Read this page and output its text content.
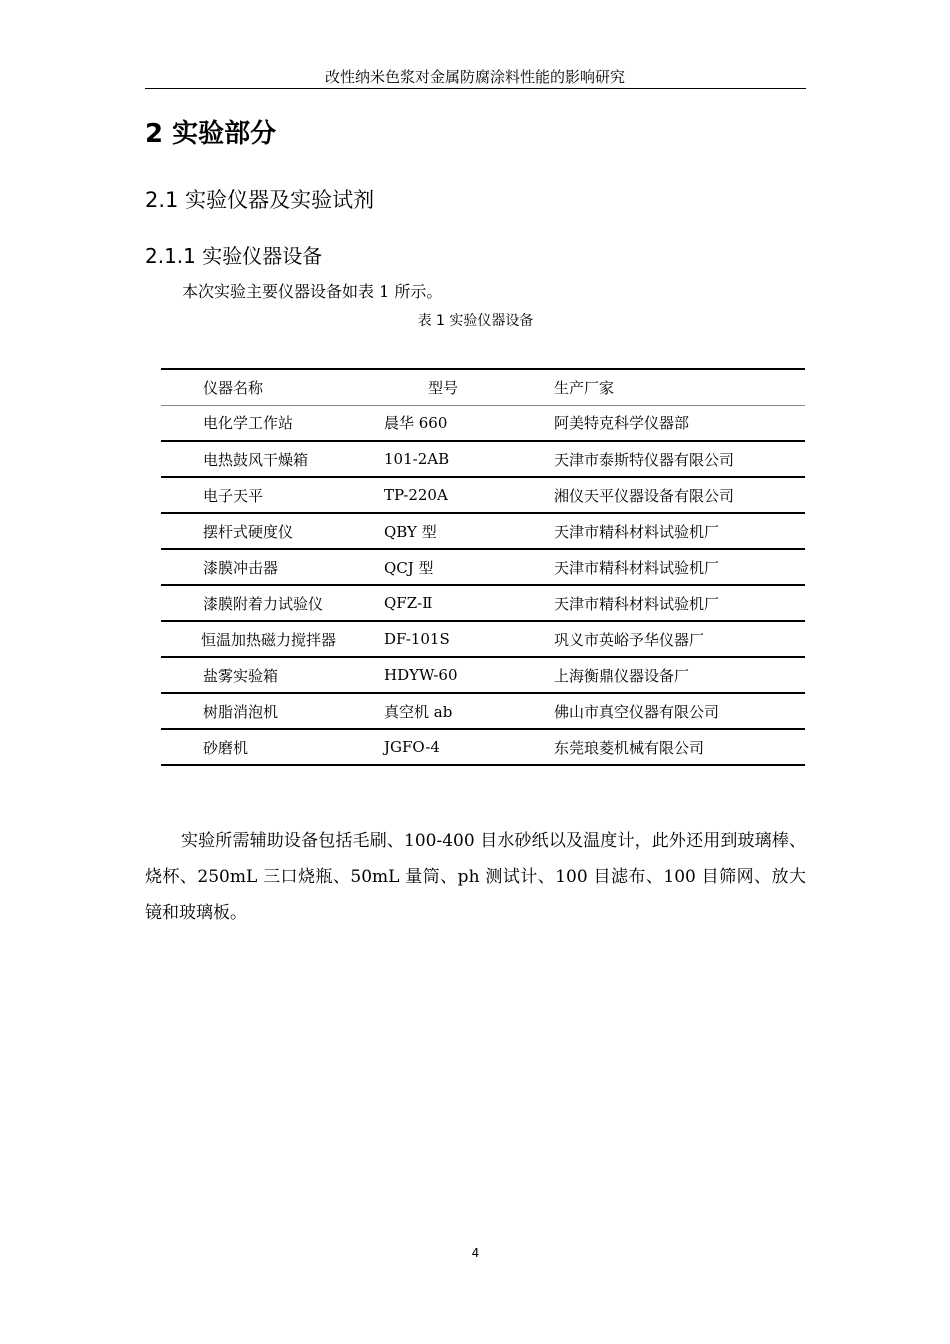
改性纳米色浆对金属防腐涂料性能的影响研究
2 实验部分
2.1 实验仪器及实验试剂
2.1.1 实验仪器设备
本次实验主要仪器设备如表 1 所示。
表 1 实验仪器设备
仪器名称	型号	生产厂家
电化学工作站	晨华 660	阿美特克科学仪器部
电热鼓风干燥箱	101-2AB	天津市泰斯特仪器有限公司
电子天平	TP-220A	湘仪天平仪器设备有限公司
摆杆式硬度仪	QBY 型	天津市精科材料试验机厂
漆膜冲击器	QCJ 型	天津市精科材料试验机厂
漆膜附着力试验仪	QFZ-Ⅱ	天津市精科材料试验机厂
恒温加热磁力搅拌器	DF-101S	巩义市英峪予华仪器厂
盐雾实验箱	HDYW-60	上海衡鼎仪器设备厂
树脂消泡机	真空机 ab	佛山市真空仪器有限公司
砂磨机	JGFO-4	东莞琅菱机械有限公司

实验所需辅助设备包括毛刷、100-400 目水砂纸以及温度计，此外还用到玻璃棒、烧杯、250mL 三口烧瓶、50mL 量筒、ph 测试计、100 目滤布、100 目筛网、放大镜和玻璃板。

4
